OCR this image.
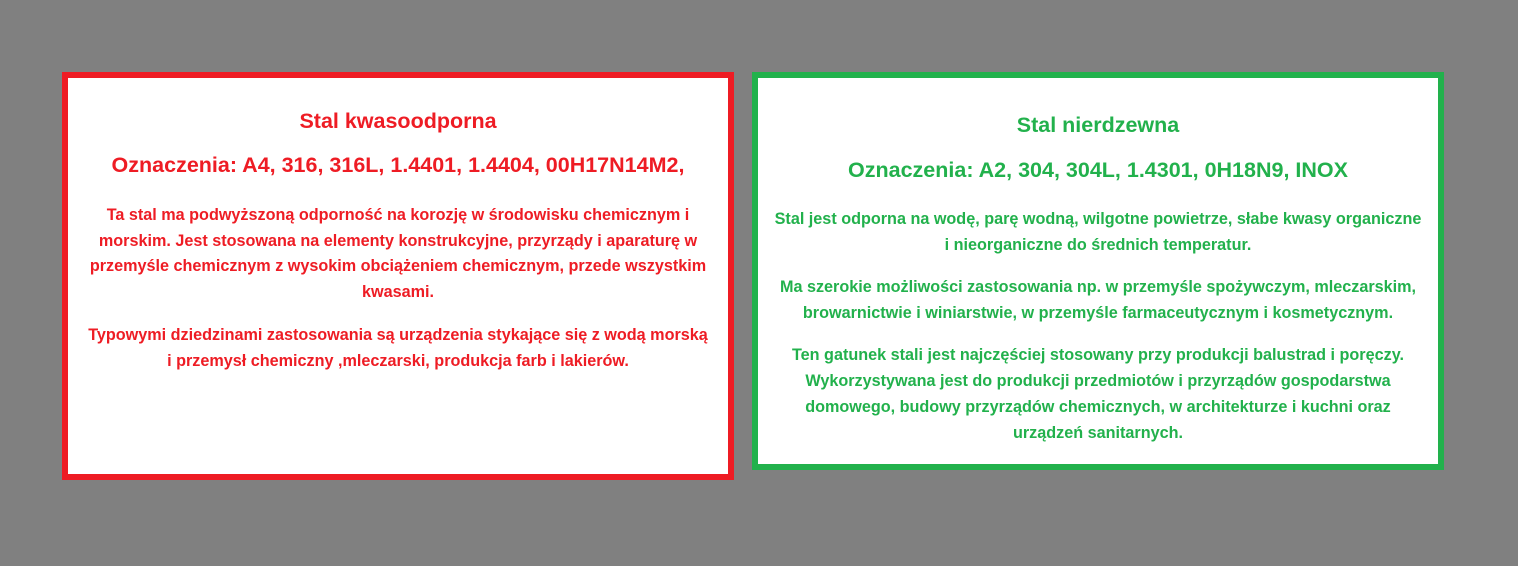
Stal kwasoodporna

Oznaczenia: A4, 316, 316L, 1.4401, 1.4404, 00H17N14M2,

Ta stal ma podwyższoną odporność na korozję w środowisku chemicznym i morskim. Jest stosowana na elementy konstrukcyjne, przyrządy i aparaturę w przemyśle chemicznym z wysokim obciążeniem chemicznym, przede wszystkim kwasami.

Typowymi dziedzinami zastosowania są urządzenia stykające się z wodą morską i przemysł chemiczny ,mleczarski, produkcja farb i lakierów.

Stal nierdzewna

Oznaczenia: A2, 304, 304L, 1.4301, 0H18N9, INOX

Stal jest odporna na wodę, parę wodną, wilgotne powietrze, słabe kwasy organiczne i nieorganiczne do średnich temperatur.

Ma szerokie możliwości zastosowania np. w przemyśle spożywczym, mleczarskim, browarnictwie i winiarstwie, w przemyśle farmaceutycznym i kosmetycznym.

Ten gatunek stali jest najczęściej stosowany przy produkcji balustrad i poręczy. Wykorzystywana jest do produkcji przedmiotów i przyrządów gospodarstwa domowego, budowy przyrządów chemicznych, w architekturze i kuchni oraz urządzeń sanitarnych.
